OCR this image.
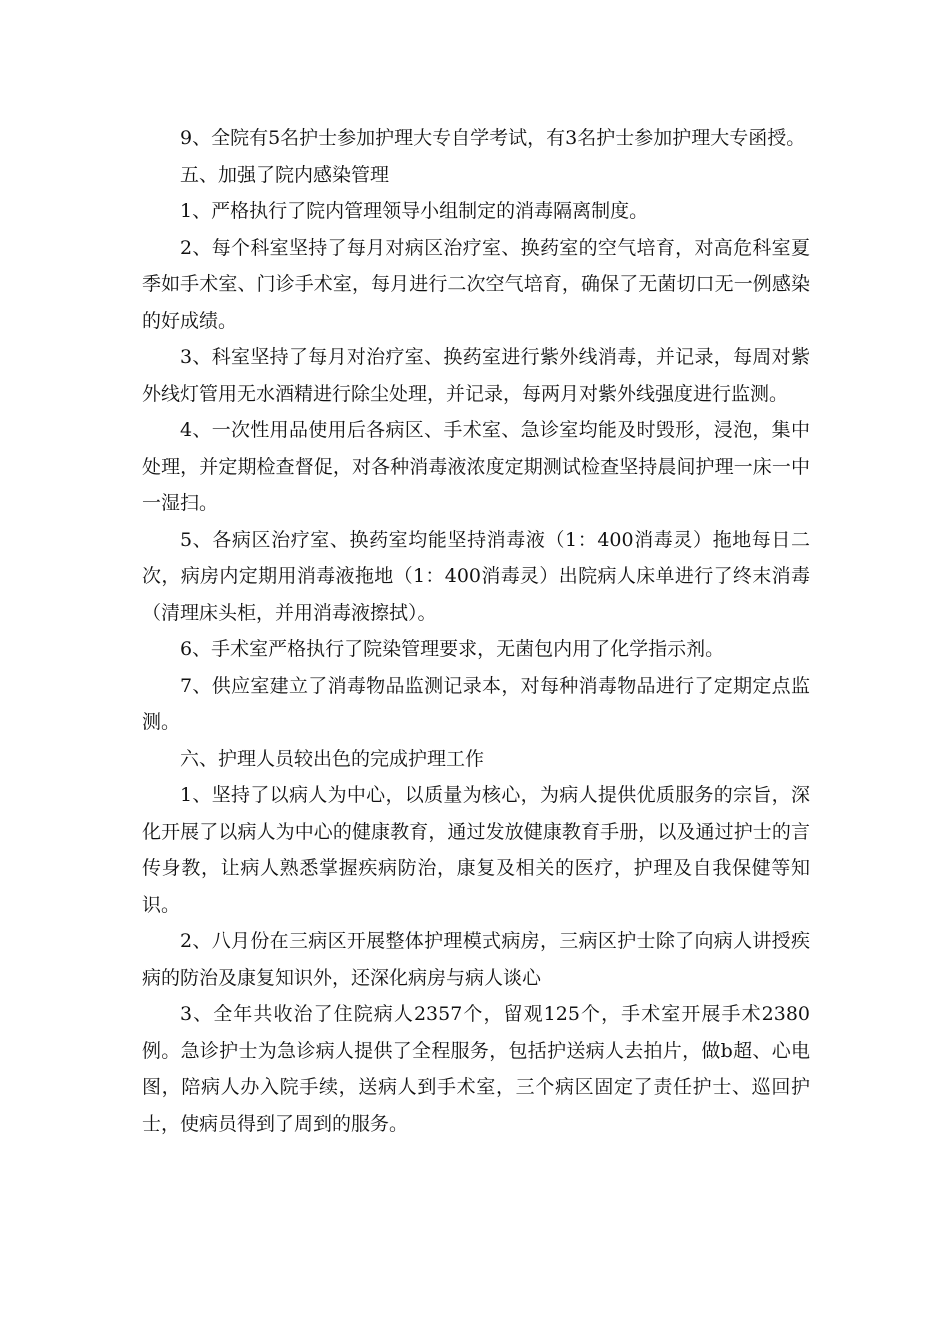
9、全院有5名护士参加护理大专自学考试，有3名护士参加护理大专函授。

五、加强了院内感染管理

1、严格执行了院内管理领导小组制定的消毒隔离制度。

2、每个科室坚持了每月对病区治疗室、换药室的空气培育，对高危科室夏季如手术室、门诊手术室，每月进行二次空气培育，确保了无菌切口无一例感染的好成绩。

3、科室坚持了每月对治疗室、换药室进行紫外线消毒，并记录，每周对紫外线灯管用无水酒精进行除尘处理，并记录，每两月对紫外线强度进行监测。

4、一次性用品使用后各病区、手术室、急诊室均能及时毁形，浸泡，集中处理，并定期检查督促，对各种消毒液浓度定期测试检查坚持晨间护理一床一中一湿扫。

5、各病区治疗室、换药室均能坚持消毒液（1：400消毒灵）拖地每日二次，病房内定期用消毒液拖地（1：400消毒灵）出院病人床单进行了终末消毒（清理床头柜，并用消毒液擦拭）。

6、手术室严格执行了院染管理要求，无菌包内用了化学指示剂。

7、供应室建立了消毒物品监测记录本，对每种消毒物品进行了定期定点监测。

六、护理人员较出色的完成护理工作

1、坚持了以病人为中心，以质量为核心，为病人提供优质服务的宗旨，深化开展了以病人为中心的健康教育，通过发放健康教育手册，以及通过护士的言传身教，让病人熟悉掌握疾病防治，康复及相关的医疗，护理及自我保健等知识。

2、八月份在三病区开展整体护理模式病房，三病区护士除了向病人讲授疾病的防治及康复知识外，还深化病房与病人谈心

3、全年共收治了住院病人2357个，留观125个，手术室开展手术2380例。急诊护士为急诊病人提供了全程服务，包括护送病人去拍片，做b超、心电图，陪病人办入院手续，送病人到手术室，三个病区固定了责任护士、巡回护士，使病员得到了周到的服务。
